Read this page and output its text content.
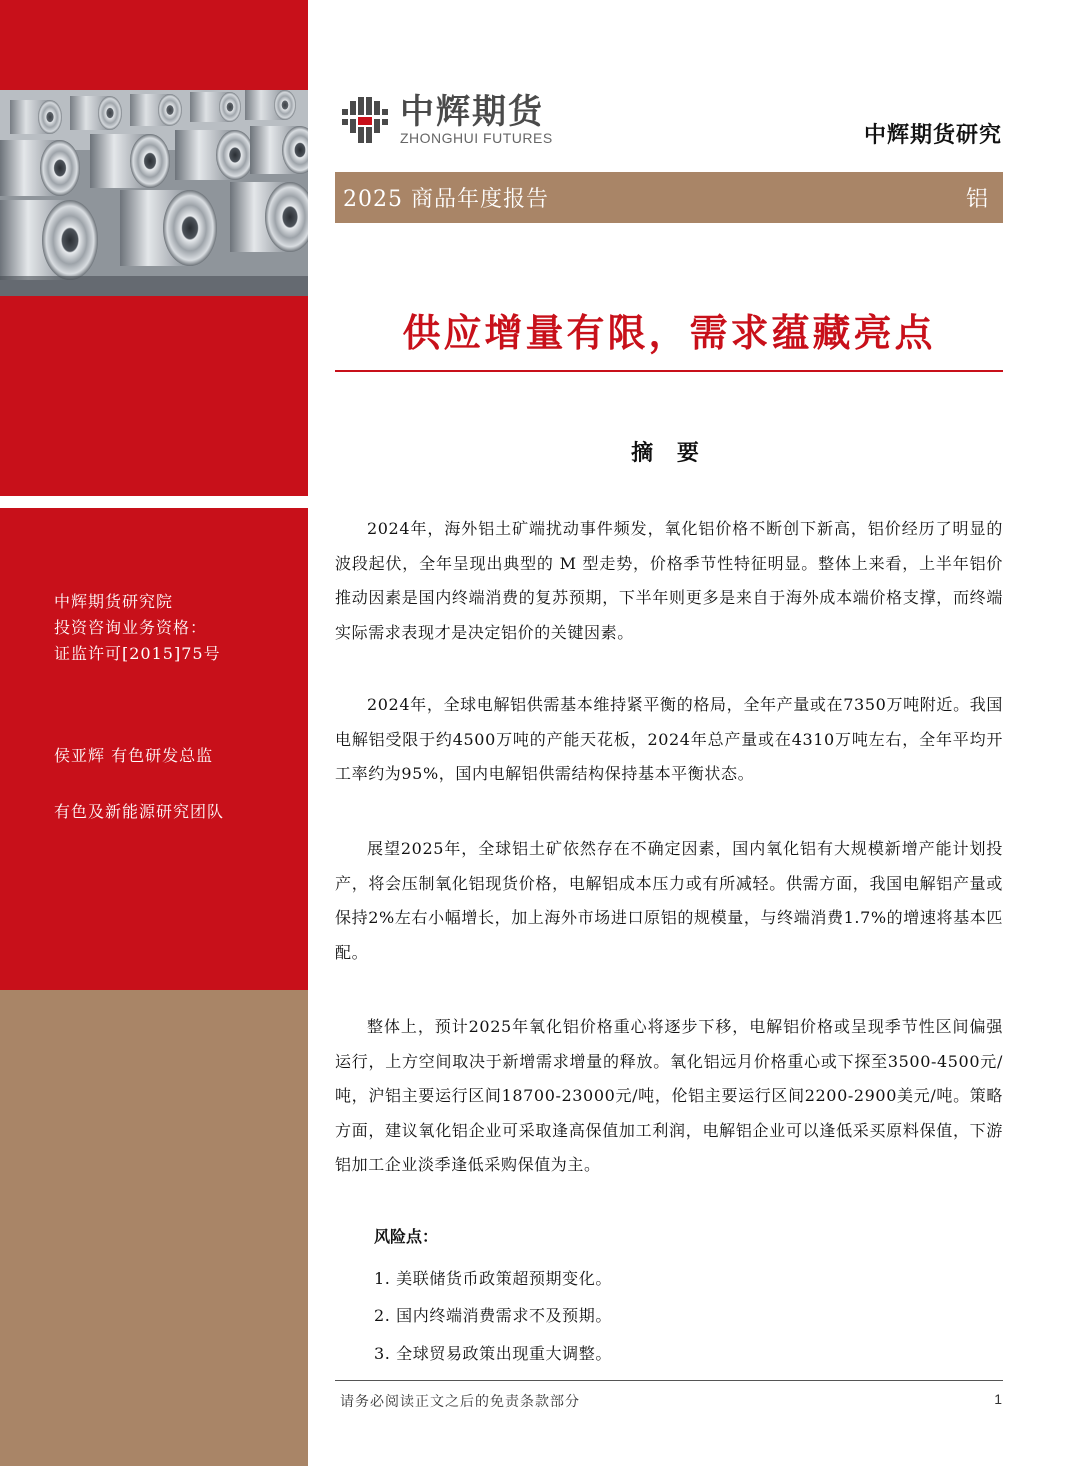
中辉期货研究院
投资咨询业务资格：
证监许可[2015]75号
侯亚辉 有色研发总监
有色及新能源研究团队
中辉期货
ZHONGHUI FUTURES	中辉期货研究
2025 商品年度报告	铝
供应增量有限，需求蕴藏亮点
摘 要

2024年，海外铝土矿端扰动事件频发，氧化铝价格不断创下新高，铝价经历了明显的波段起伏，全年呈现出典型的 M 型走势，价格季节性特征明显。整体上来看，上半年铝价推动因素是国内终端消费的复苏预期，下半年则更多是来自于海外成本端价格支撑，而终端实际需求表现才是决定铝价的关键因素。

2024年，全球电解铝供需基本维持紧平衡的格局，全年产量或在7350万吨附近。我国电解铝受限于约4500万吨的产能天花板，2024年总产量或在4310万吨左右，全年平均开工率约为95%，国内电解铝供需结构保持基本平衡状态。

展望2025年，全球铝土矿依然存在不确定因素，国内氧化铝有大规模新增产能计划投产，将会压制氧化铝现货价格，电解铝成本压力或有所减轻。供需方面，我国电解铝产量或保持2%左右小幅增长，加上海外市场进口原铝的规模量，与终端消费1.7%的增速将基本匹配。

整体上，预计2025年氧化铝价格重心将逐步下移，电解铝价格或呈现季节性区间偏强运行，上方空间取决于新增需求增量的释放。氧化铝远月价格重心或下探至3500-4500元/吨，沪铝主要运行区间18700-23000元/吨，伦铝主要运行区间2200-2900美元/吨。策略方面，建议氧化铝企业可采取逢高保值加工利润，电解铝企业可以逢低采买原料保值，下游铝加工企业淡季逢低采购保值为主。

风险点：
1. 美联储货币政策超预期变化。
2. 国内终端消费需求不及预期。
3. 全球贸易政策出现重大调整。
请务必阅读正文之后的免责条款部分	1
